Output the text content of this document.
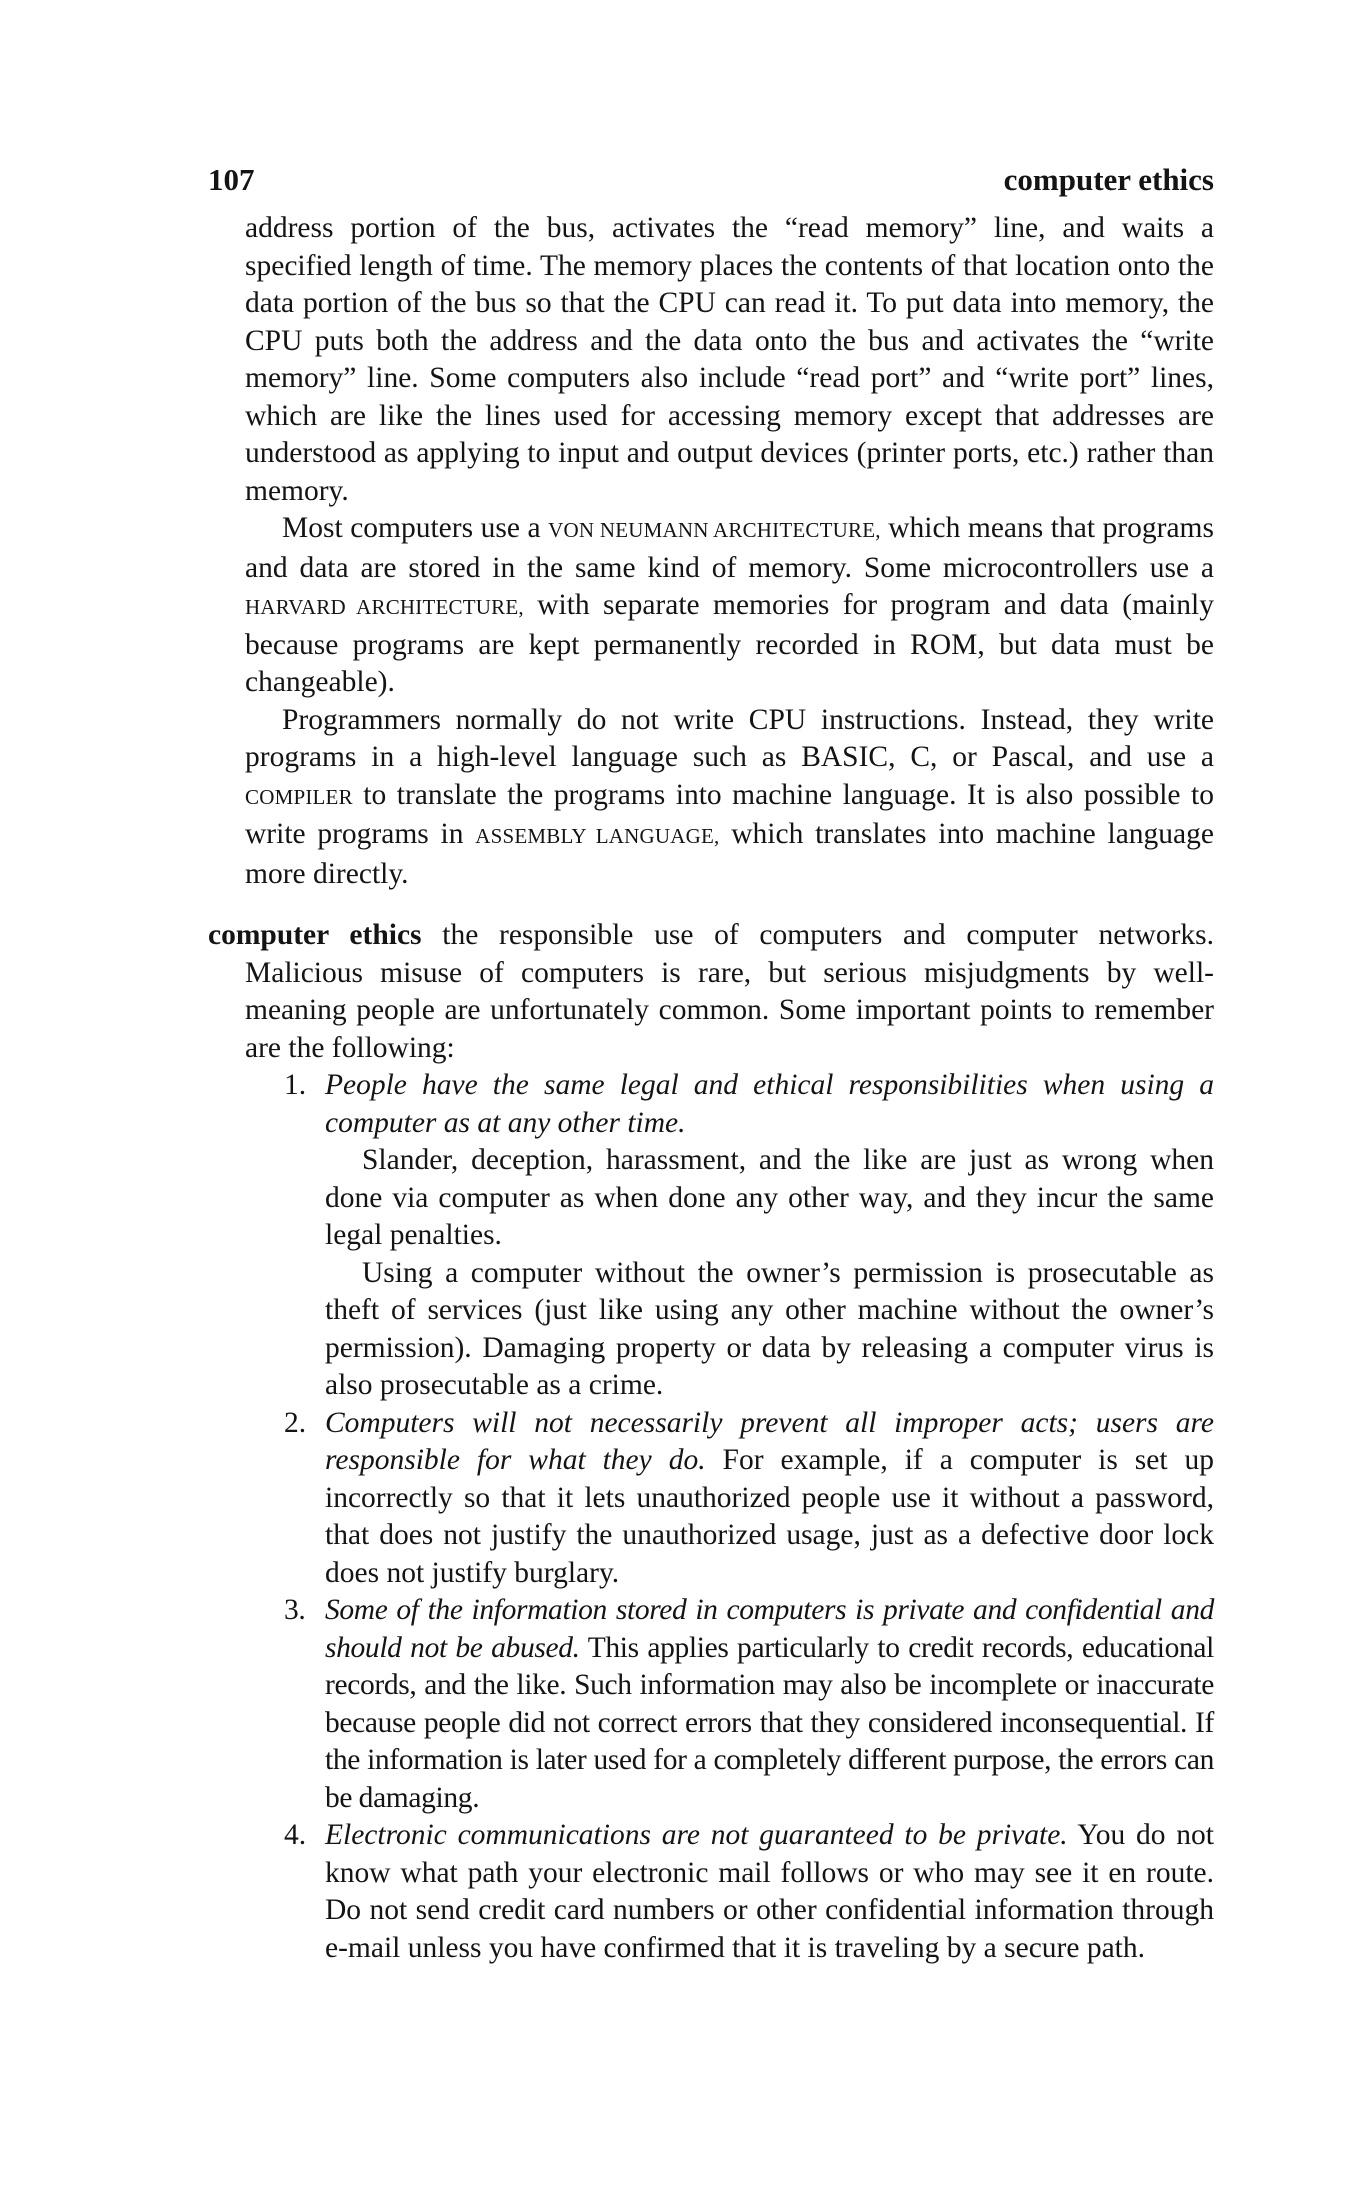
107	computer ethics

address portion of the bus, activates the “read memory” line, and waits a specified length of time. The memory places the contents of that location onto the data portion of the bus so that the CPU can read it. To put data into memory, the CPU puts both the address and the data onto the bus and activates the “write memory” line. Some computers also include “read port” and “write port” lines, which are like the lines used for accessing memory except that addresses are understood as applying to input and output devices (printer ports, etc.) rather than memory.

Most computers use a VON NEUMANN ARCHITECTURE, which means that programs and data are stored in the same kind of memory. Some microcontrollers use a HARVARD ARCHITECTURE, with separate memories for program and data (mainly because programs are kept permanently recorded in ROM, but data must be changeable).

Programmers normally do not write CPU instructions. Instead, they write programs in a high-level language such as BASIC, C, or Pascal, and use a COMPILER to translate the programs into machine language. It is also possible to write programs in ASSEMBLY LANGUAGE, which translates into machine language more directly.

computer ethics the responsible use of computers and computer networks. Malicious misuse of computers is rare, but serious misjudgments by well-meaning people are unfortunately common. Some important points to remember are the following:
1. People have the same legal and ethical responsibilities when using a computer as at any other time.

Slander, deception, harassment, and the like are just as wrong when done via computer as when done any other way, and they incur the same legal penalties.

Using a computer without the owner’s permission is prosecutable as theft of services (just like using any other machine without the owner’s permission). Damaging property or data by releasing a computer virus is also prosecutable as a crime.

2. Computers will not necessarily prevent all improper acts; users are responsible for what they do. For example, if a computer is set up incorrectly so that it lets unauthorized people use it without a password, that does not justify the unauthorized usage, just as a defective door lock does not justify burglary.
3. Some of the information stored in computers is private and confidential and should not be abused. This applies particularly to credit records, educational records, and the like. Such information may also be incomplete or inaccurate because people did not correct errors that they considered inconsequential. If the information is later used for a completely different purpose, the errors can be damaging.
4. Electronic communications are not guaranteed to be private. You do not know what path your electronic mail follows or who may see it en route. Do not send credit card numbers or other confidential information through e-mail unless you have confirmed that it is traveling by a secure path.
